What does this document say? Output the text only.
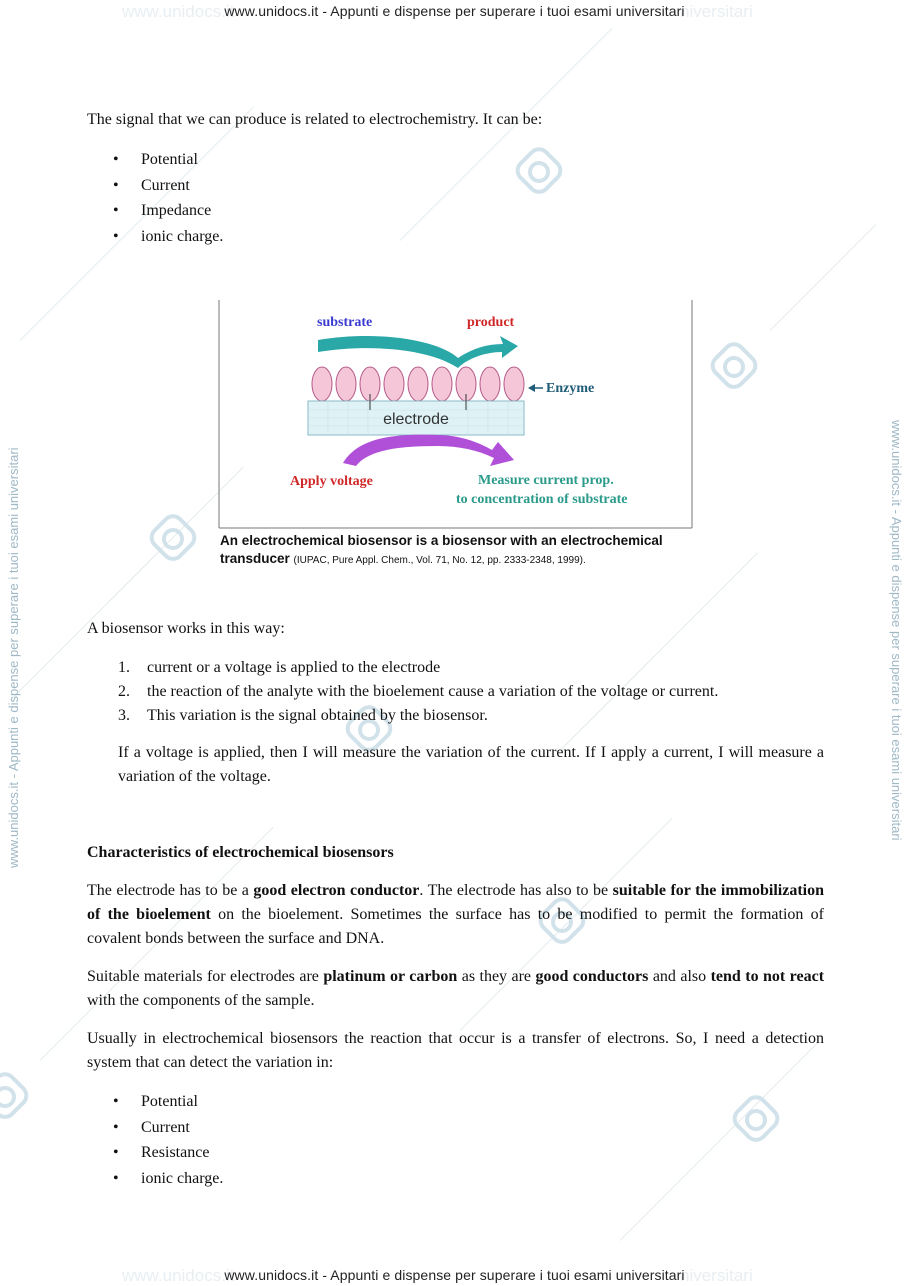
www.unidocs.it	niversitari
www.unidocs.it	niversitari
www.unidocs.it - Appunti e dispense per superare i tuoi esami universitari
www.unidocs.it - Appunti e dispense per superare i tuoi esami universitari
www.unidocs.it - Appunti e dispense per superare i tuoi esami universitari	www.unidocs.it - Appunti e dispense per superare i tuoi esami universitari

The signal that we can produce is related to electrochemistry. It can be:

• Potential
• Current
• Impedance
• ionic charge.
substrate	product
Enzyme
electrode
Apply voltage	Measure current prop.
to concentration of substrate
An electrochemical biosensor is a biosensor with an electrochemical transducer (IUPAC, Pure Appl. Chem., Vol. 71, No. 12, pp. 2333-2348, 1999).

A biosensor works in this way:

1. current or a voltage is applied to the electrode
2. the reaction of the analyte with the bioelement cause a variation of the voltage or current.
3. This variation is the signal obtained by the biosensor.

If a voltage is applied, then I will measure the variation of the current. If I apply a current, I will measure a variation of the voltage.

Characteristics of electrochemical biosensors

The electrode has to be a good electron conductor. The electrode has also to be suitable for the immobilization of the bioelement on the bioelement. Sometimes the surface has to be modified to permit the formation of covalent bonds between the surface and DNA.

Suitable materials for electrodes are platinum or carbon as they are good conductors and also tend to not react with the components of the sample.

Usually in electrochemical biosensors the reaction that occur is a transfer of electrons. So, I need a detection system that can detect the variation in:

• Potential
• Current
• Resistance
• ionic charge.
